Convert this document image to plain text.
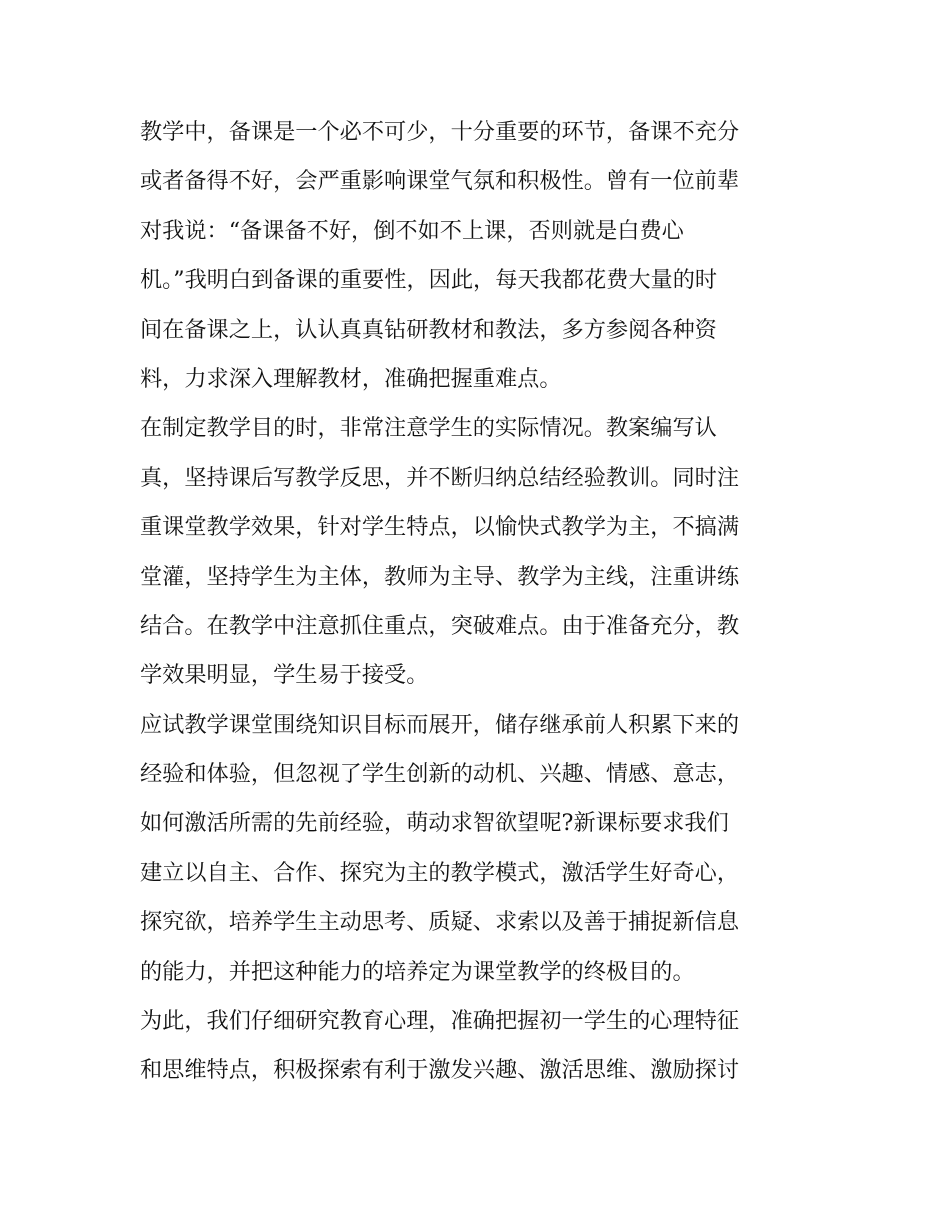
教学中，备课是一个必不可少，十分重要的环节，备课不充分
或者备得不好，会严重影响课堂气氛和积极性。曾有一位前辈
对我说：“备课备不好，倒不如不上课，否则就是白费心
机。”我明白到备课的重要性，因此，每天我都花费大量的时
间在备课之上，认认真真钻研教材和教法，多方参阅各种资
料，力求深入理解教材，准确把握重难点。
在制定教学目的时，非常注意学生的实际情况。教案编写认
真，坚持课后写教学反思，并不断归纳总结经验教训。同时注
重课堂教学效果，针对学生特点，以愉快式教学为主，不搞满
堂灌，坚持学生为主体，教师为主导、教学为主线，注重讲练
结合。在教学中注意抓住重点，突破难点。由于准备充分，教
学效果明显，学生易于接受。
应试教学课堂围绕知识目标而展开，储存继承前人积累下来的
经验和体验，但忽视了学生创新的动机、兴趣、情感、意志，
如何激活所需的先前经验，萌动求智欲望呢?新课标要求我们
建立以自主、合作、探究为主的教学模式，激活学生好奇心，
探究欲，培养学生主动思考、质疑、求索以及善于捕捉新信息
的能力，并把这种能力的培养定为课堂教学的终极目的。
为此，我们仔细研究教育心理，准确把握初一学生的心理特征
和思维特点，积极探索有利于激发兴趣、激活思维、激励探讨
